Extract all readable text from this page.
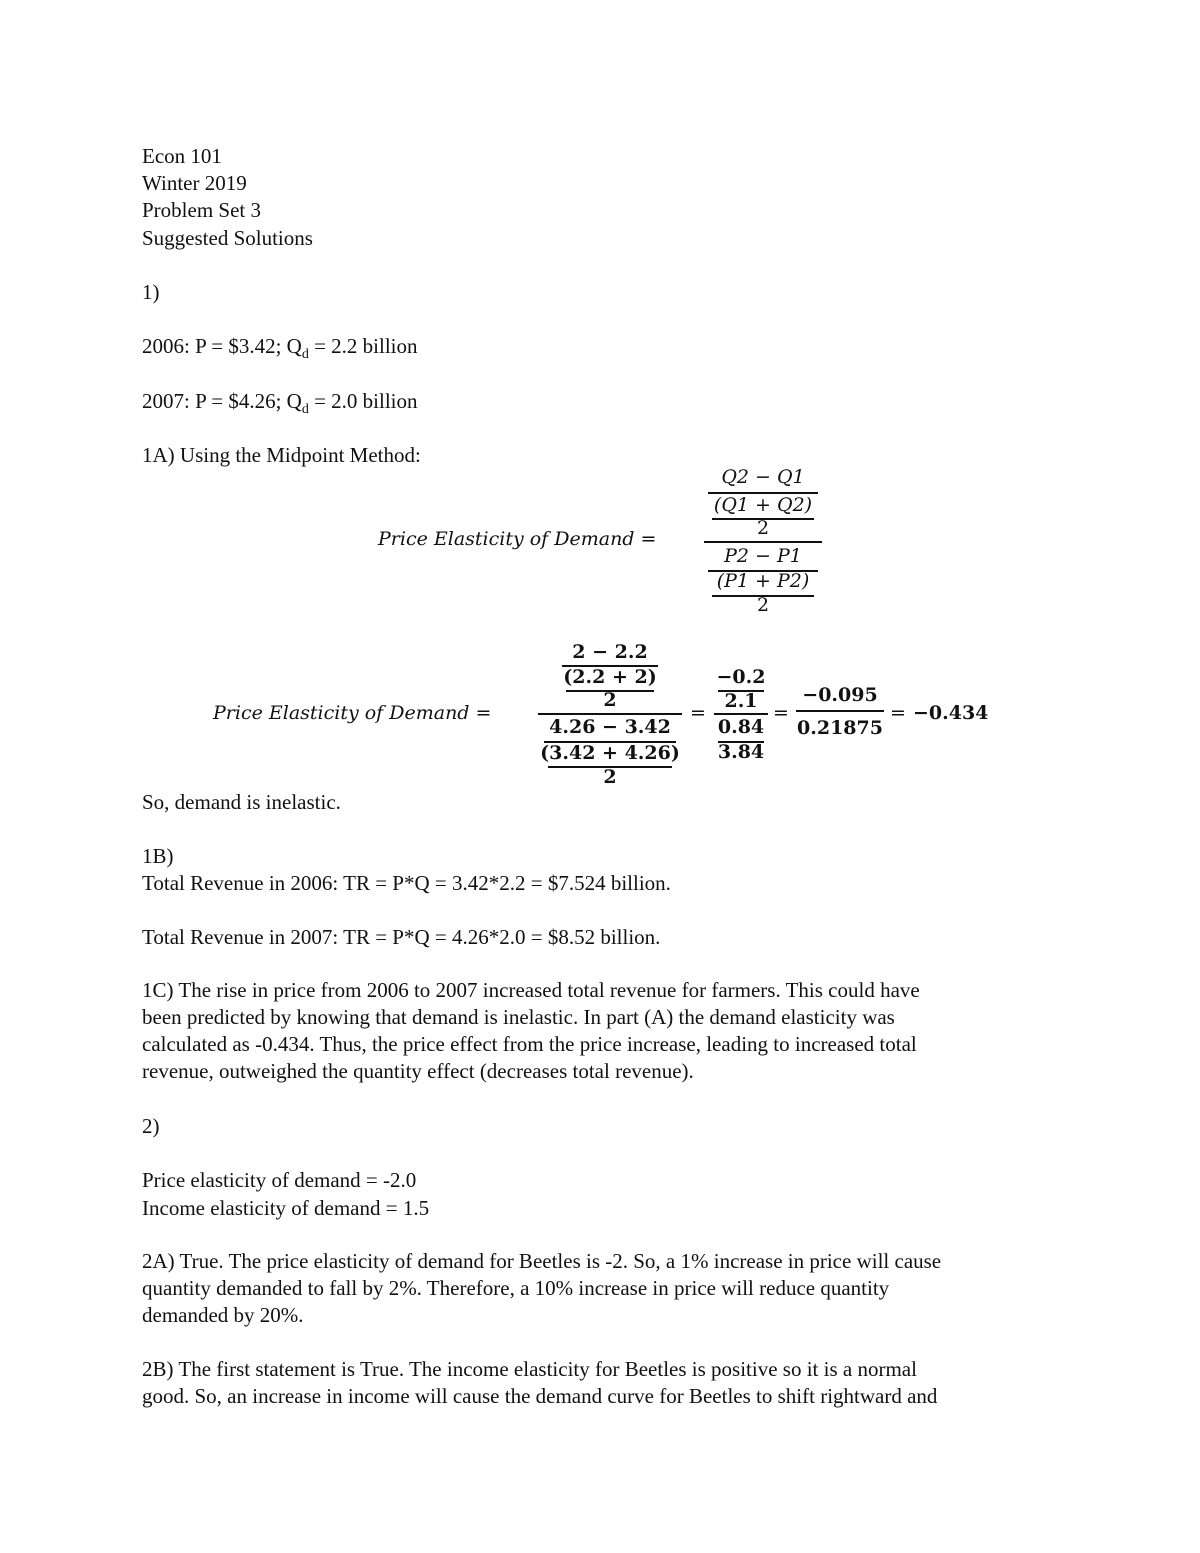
Econ 101
Winter 2019
Problem Set 3
Suggested Solutions
1)
2006: P = $3.42; $Q_d = 2.2$ billion
2007: P = $4.26; $Q_d = 2.0$ billion
1A) Using the Midpoint Method:
Price Elasticity of Demand =
Q2 − Q1
(Q1 + Q2)
2
P2 − P1
(P1 + P2)
2
Price Elasticity of Demand =
2 − 2.2
(2.2 + 2)
2
4.26 − 3.42
(3.42 + 4.26)
2
=
−0.2
2.1
0.84
3.84
=
−0.095
0.21875
= −0.434
So, demand is inelastic.
1B)
Total Revenue in 2006: TR = P*Q = 3.42*2.2 = $7.524 billion.
Total Revenue in 2007: TR = P*Q = 4.26*2.0 = $8.52 billion.
1C) The rise in price from 2006 to 2007 increased total revenue for farmers. This could have
been predicted by knowing that demand is inelastic. In part (A) the demand elasticity was
calculated as -0.434. Thus, the price effect from the price increase, leading to increased total
revenue, outweighed the quantity effect (decreases total revenue).
2)
Price elasticity of demand = -2.0
Income elasticity of demand = 1.5
2A) True. The price elasticity of demand for Beetles is -2. So, a 1% increase in price will cause
quantity demanded to fall by 2%. Therefore, a 10% increase in price will reduce quantity
demanded by 20%.
2B) The first statement is True. The income elasticity for Beetles is positive so it is a normal
good. So, an increase in income will cause the demand curve for Beetles to shift rightward and
